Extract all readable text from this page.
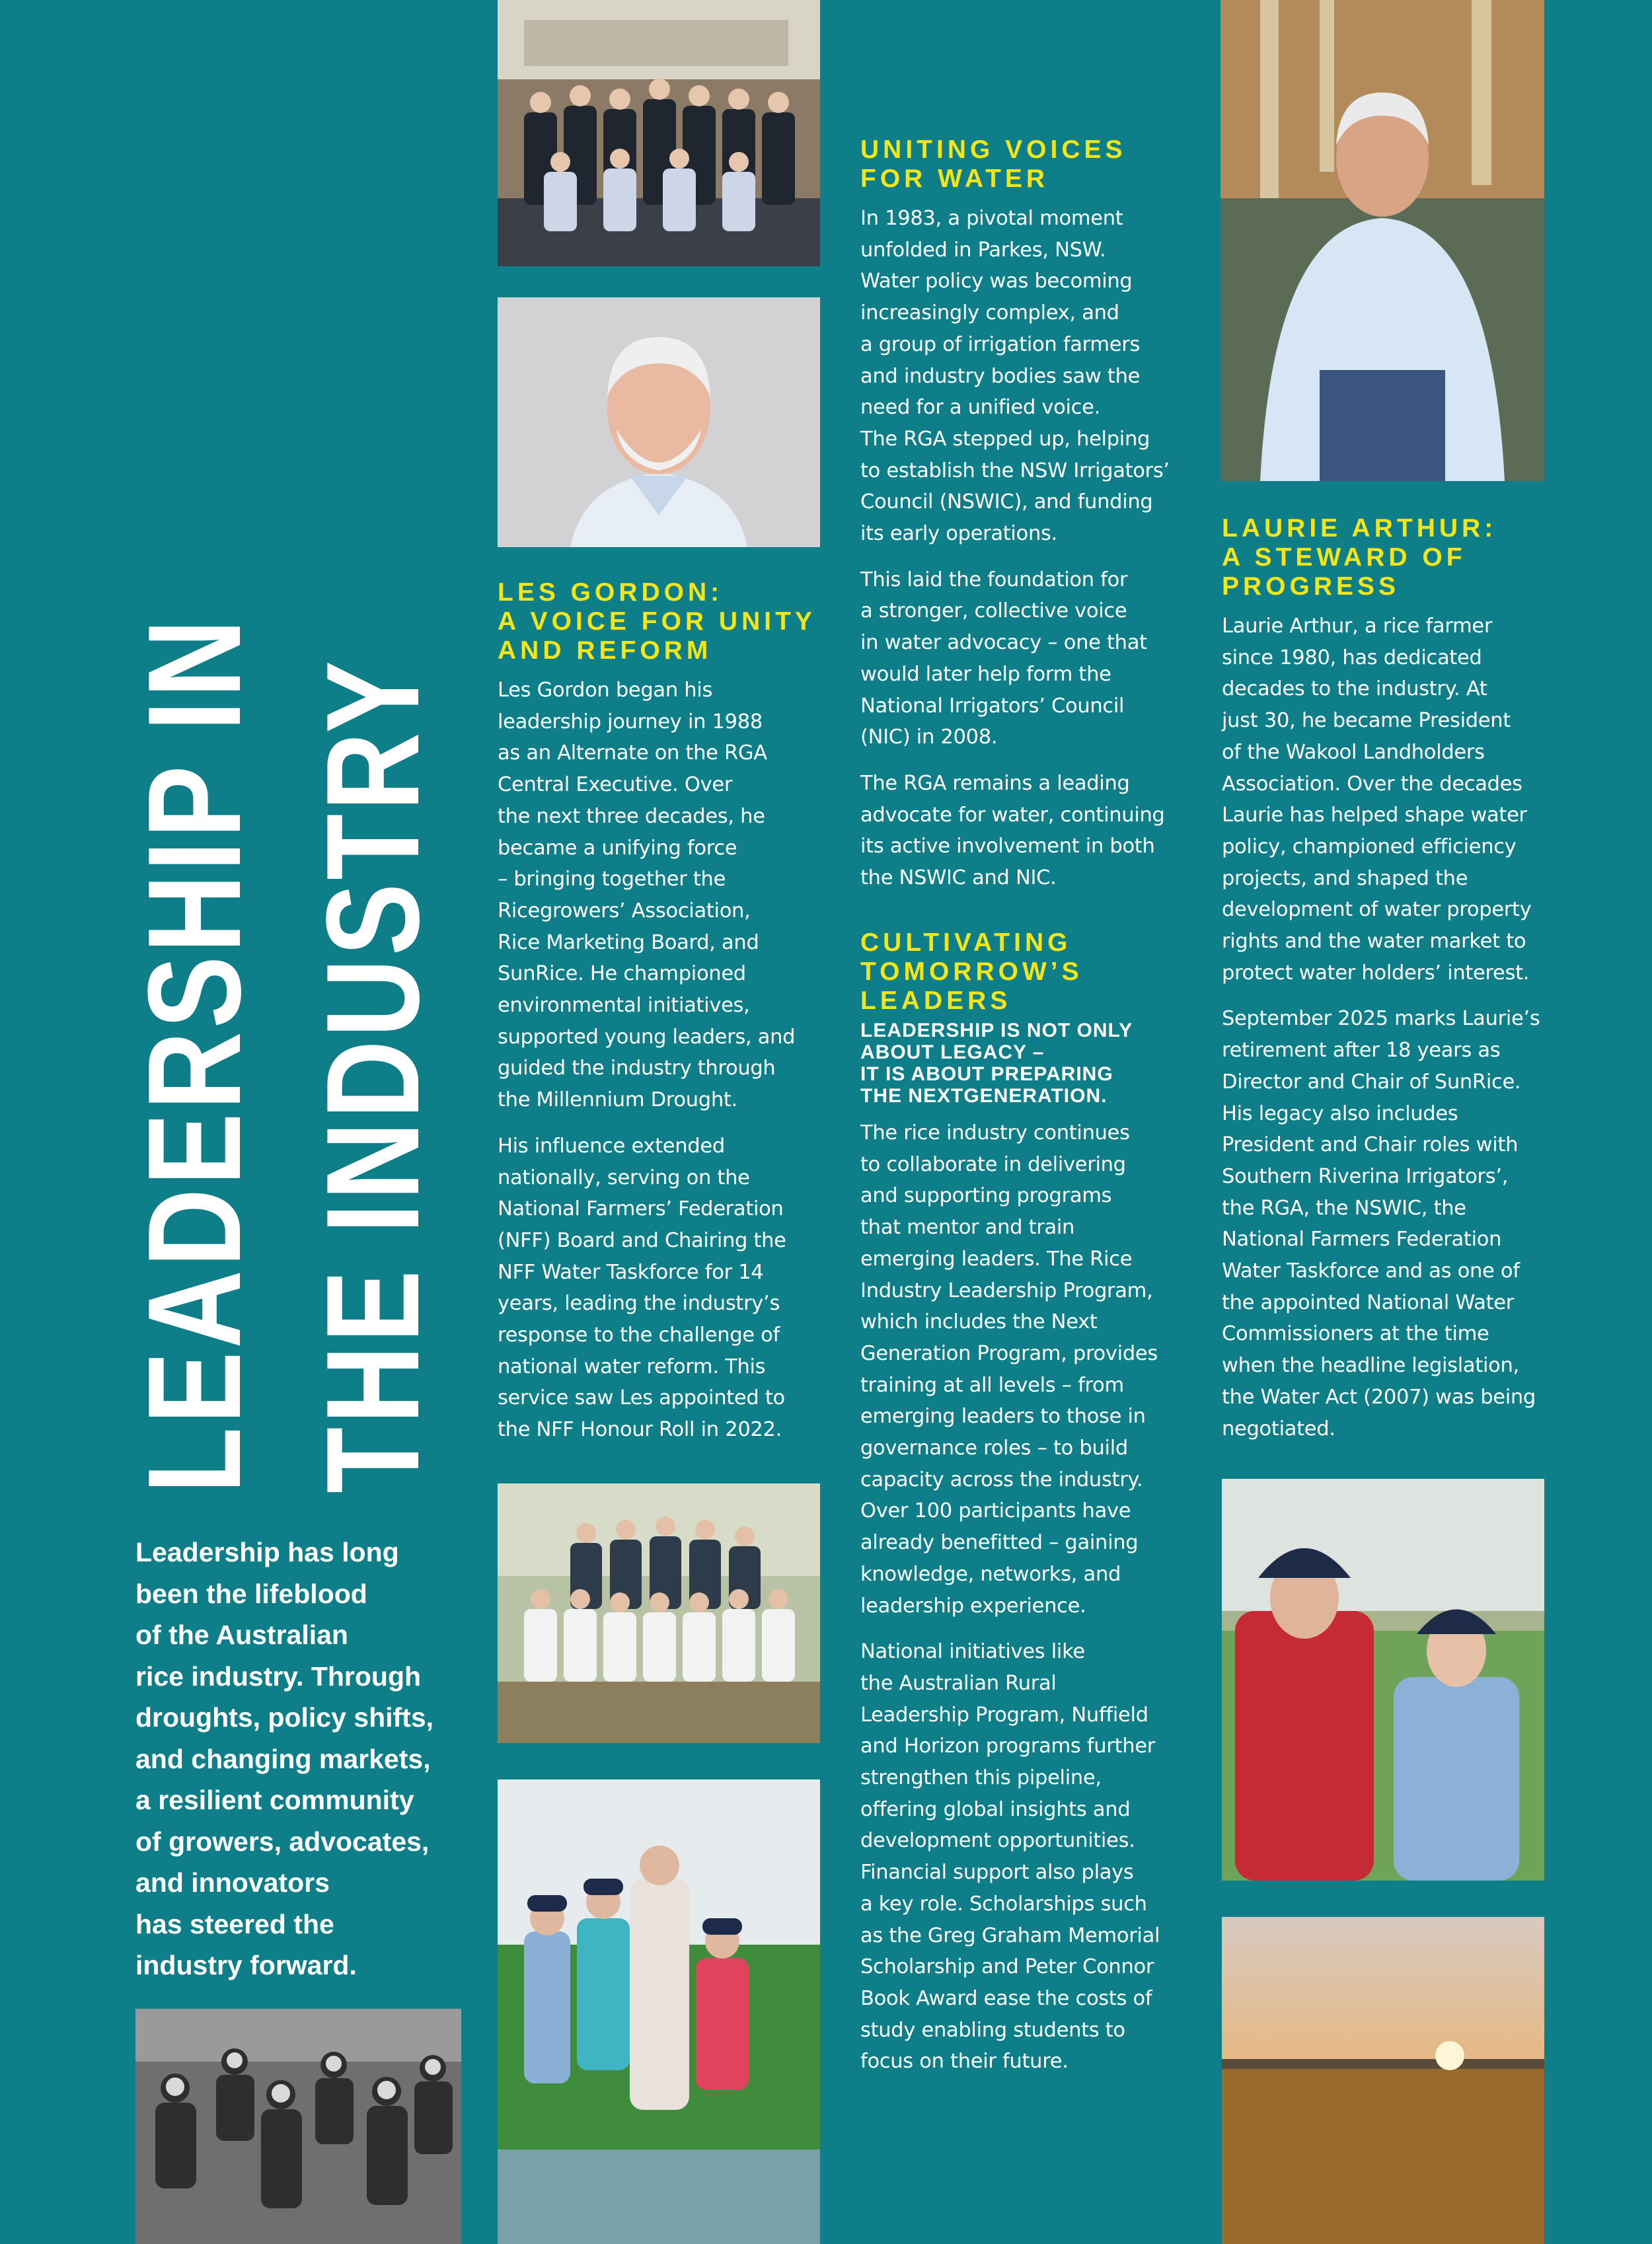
LEADERSHIP IN THE INDUSTRY
Leadership has long
been the lifeblood
of the Australian
rice industry. Through
droughts, policy shifts,
and changing markets,
a resilient community
of growers, advocates,
and innovators
has steered the
industry forward.
LES GORDON:
A VOICE FOR UNITY
AND REFORM
Les Gordon began his
leadership journey in 1988
as an Alternate on the RGA
Central Executive. Over
the next three decades, he
became a unifying force
– bringing together the
Ricegrowers’ Association,
Rice Marketing Board, and
SunRice. He championed
environmental initiatives,
supported young leaders, and
guided the industry through
the Millennium Drought.
His influence extended
nationally, serving on the
National Farmers’ Federation
(NFF) Board and Chairing the
NFF Water Taskforce for 14
years, leading the industry’s
response to the challenge of
national water reform. This
service saw Les appointed to
the NFF Honour Roll in 2022.
UNITING VOICES
FOR WATER
In 1983, a pivotal moment
unfolded in Parkes, NSW.
Water policy was becoming
increasingly complex, and
a group of irrigation farmers
and industry bodies saw the
need for a unified voice.
The RGA stepped up, helping
to establish the NSW Irrigators’
Council (NSWIC), and funding
its early operations.
This laid the foundation for
a stronger, collective voice
in water advocacy – one that
would later help form the
National Irrigators’ Council
(NIC) in 2008.
The RGA remains a leading
advocate for water, continuing
its active involvement in both
the NSWIC and NIC.
CULTIVATING
TOMORROW’S
LEADERS
LEADERSHIP IS NOT ONLY
ABOUT LEGACY –
IT IS ABOUT PREPARING
THE NEXTGENERATION.
The rice industry continues
to collaborate in delivering
and supporting programs
that mentor and train
emerging leaders. The Rice
Industry Leadership Program,
which includes the Next
Generation Program, provides
training at all levels – from
emerging leaders to those in
governance roles – to build
capacity across the industry.
Over 100 participants have
already benefitted – gaining
knowledge, networks, and
leadership experience.
National initiatives like
the Australian Rural
Leadership Program, Nuffield
and Horizon programs further
strengthen this pipeline,
offering global insights and
development opportunities.
Financial support also plays
a key role. Scholarships such
as the Greg Graham Memorial
Scholarship and Peter Connor
Book Award ease the costs of
study enabling students to
focus on their future.
LAURIE ARTHUR:
A STEWARD OF
PROGRESS
Laurie Arthur, a rice farmer
since 1980, has dedicated
decades to the industry. At
just 30, he became President
of the Wakool Landholders
Association. Over the decades
Laurie has helped shape water
policy, championed efficiency
projects, and shaped the
development of water property
rights and the water market to
protect water holders’ interest.
September 2025 marks Laurie’s
retirement after 18 years as
Director and Chair of SunRice.
His legacy also includes
President and Chair roles with
Southern Riverina Irrigators’,
the RGA, the NSWIC, the
National Farmers Federation
Water Taskforce and as one of
the appointed National Water
Commissioners at the time
when the headline legislation,
the Water Act (2007) was being
negotiated.
